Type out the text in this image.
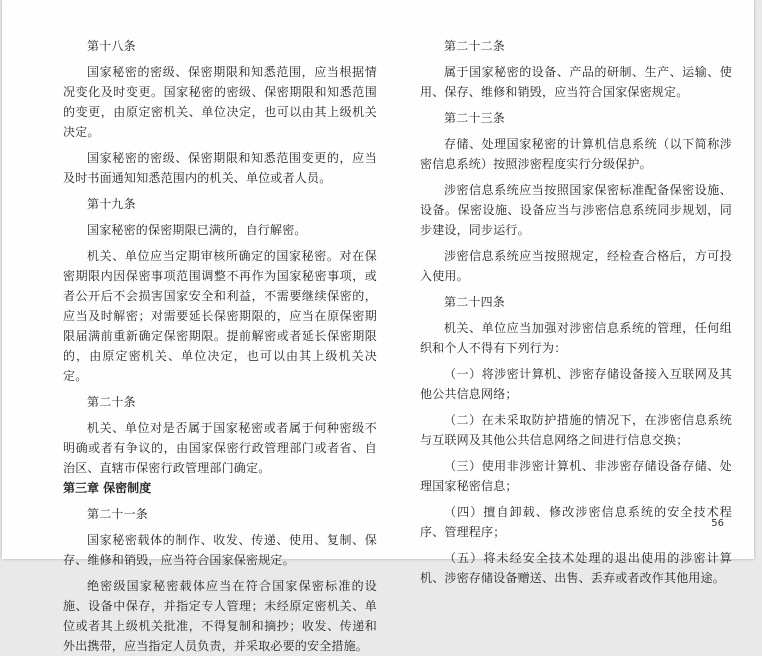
第十八条

国家秘密的密级、保密期限和知悉范围，应当根据情况变化及时变更。国家秘密的密级、保密期限和知悉范围的变更，由原定密机关、单位决定，也可以由其上级机关决定。

国家秘密的密级、保密期限和知悉范围变更的，应当及时书面通知知悉范围内的机关、单位或者人员。

第十九条

国家秘密的保密期限已满的，自行解密。

机关、单位应当定期审核所确定的国家秘密。对在保密期限内因保密事项范围调整不再作为国家秘密事项，或者公开后不会损害国家安全和利益，不需要继续保密的，应当及时解密；对需要延长保密期限的，应当在原保密期限届满前重新确定保密期限。提前解密或者延长保密期限的，由原定密机关、单位决定，也可以由其上级机关决定。

第二十条

机关、单位对是否属于国家秘密或者属于何种密级不明确或者有争议的，由国家保密行政管理部门或者省、自治区、直辖市保密行政管理部门确定。

第三章 保密制度

第二十一条

国家秘密载体的制作、收发、传递、使用、复制、保存、维修和销毁，应当符合国家保密规定。

绝密级国家秘密载体应当在符合国家保密标准的设施、设备中保存，并指定专人管理；未经原定密机关、单位或者其上级机关批准，不得复制和摘抄；收发、传递和外出携带，应当指定人员负责，并采取必要的安全措施。

第二十二条

属于国家秘密的设备、产品的研制、生产、运输、使用、保存、维修和销毁，应当符合国家保密规定。

第二十三条

存储、处理国家秘密的计算机信息系统（以下简称涉密信息系统）按照涉密程度实行分级保护。

涉密信息系统应当按照国家保密标准配备保密设施、设备。保密设施、设备应当与涉密信息系统同步规划，同步建设，同步运行。

涉密信息系统应当按照规定，经检查合格后，方可投入使用。

第二十四条

机关、单位应当加强对涉密信息系统的管理，任何组织和个人不得有下列行为：

（一）将涉密计算机、涉密存储设备接入互联网及其他公共信息网络；

（二）在未采取防护措施的情况下，在涉密信息系统与互联网及其他公共信息网络之间进行信息交换；

（三）使用非涉密计算机、非涉密存储设备存储、处理国家秘密信息；

（四）擅自卸载、修改涉密信息系统的安全技术程序、管理程序；

（五）将未经安全技术处理的退出使用的涉密计算机、涉密存储设备赠送、出售、丢弃或者改作其他用途。

56
